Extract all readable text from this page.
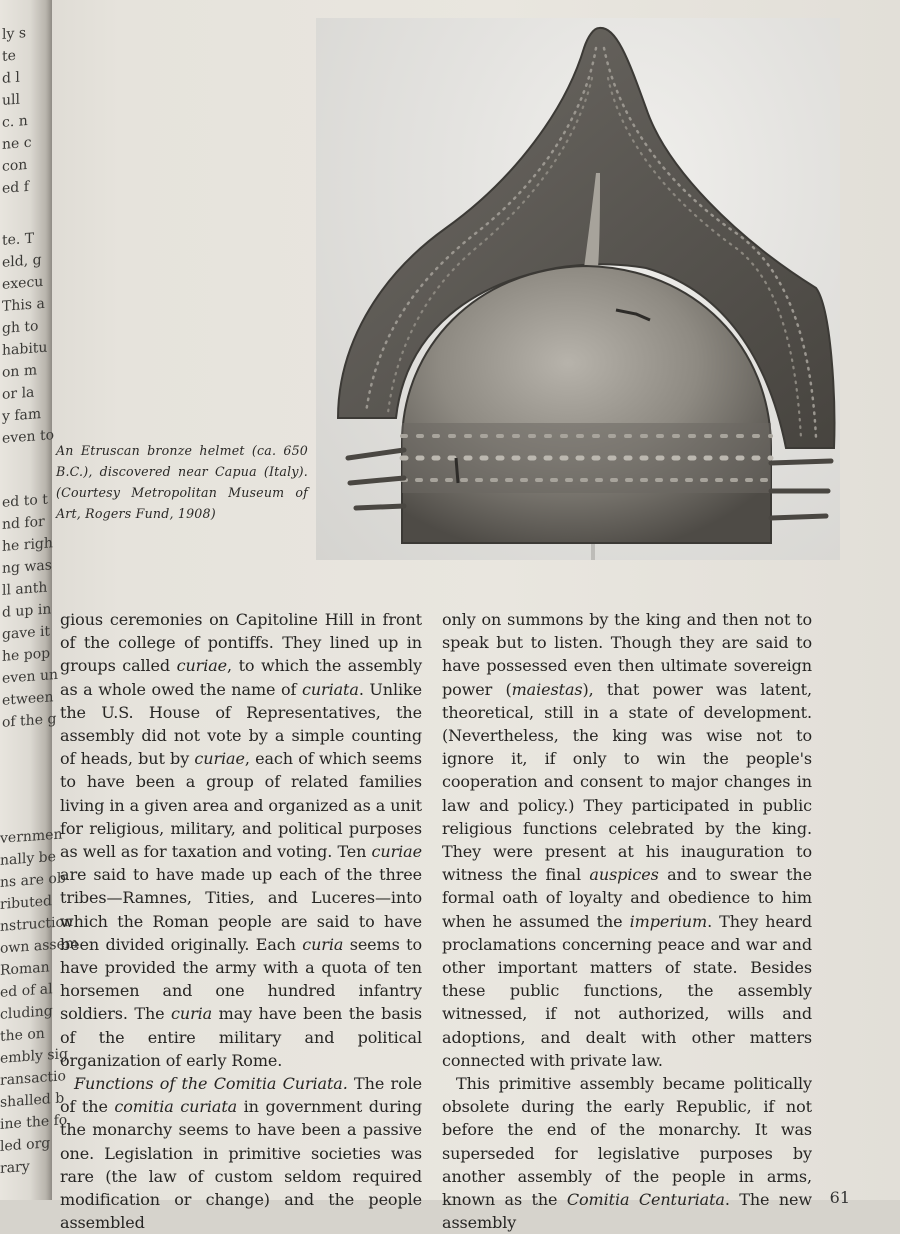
ly s
te
d l
ull
c. n
ne c
con
ed f
te. T
eld, g
execu
This a
gh to
habitu
on m
or la
y fam
even to
ed to t
nd for
he righ
ng was
ll anth
d up in
gave it
he pop
even un
etween
of the g
vernmen
nally be
ns are ob
ributed
nstruction
own assem
Roman
ed of al
cluding
the on
embly sig
ransactio
shalled b
ine the fo
led org
rary

An Etruscan bronze helmet (ca. 650 B.C.), discovered near Capua (Italy). (Courtesy Metropolitan Museum of Art, Rogers Fund, 1908)

gious ceremonies on Capitoline Hill in front of the college of pontiffs. They lined up in groups called curiae, to which the assembly as a whole owed the name of curiata. Unlike the U.S. House of Representatives, the assembly did not vote by a simple counting of heads, but by curiae, each of which seems to have been a group of related families living in a given area and organized as a unit for religious, military, and political purposes as well as for taxation and voting. Ten curiae are said to have made up each of the three tribes—Ramnes, Tities, and Luceres—into which the Roman people are said to have been divided originally. Each curia seems to have provided the army with a quota of ten horsemen and one hundred infantry soldiers. The curia may have been the basis of the entire military and political organization of early Rome.

Functions of the Comitia Curiata. The role of the comitia curiata in government during the monarchy seems to have been a passive one. Legislation in primitive societies was rare (the law of custom seldom required modification or change) and the people assembled

only on summons by the king and then not to speak but to listen. Though they are said to have possessed even then ultimate sovereign power (maiestas), that power was latent, theoretical, still in a state of development. (Nevertheless, the king was wise not to ignore it, if only to win the people's cooperation and consent to major changes in law and policy.) They participated in public religious functions celebrated by the king. They were present at his inauguration to witness the final auspices and to swear the formal oath of loyalty and obedience to him when he assumed the imperium. They heard proclamations concerning peace and war and other important matters of state. Besides these public functions, the assembly witnessed, if not authorized, wills and adoptions, and dealt with other matters connected with private law.

This primitive assembly became politically obsolete during the early Republic, if not before the end of the monarchy. It was superseded for legislative purposes by another assembly of the people in arms, known as the Comitia Centuriata. The new assembly

61
